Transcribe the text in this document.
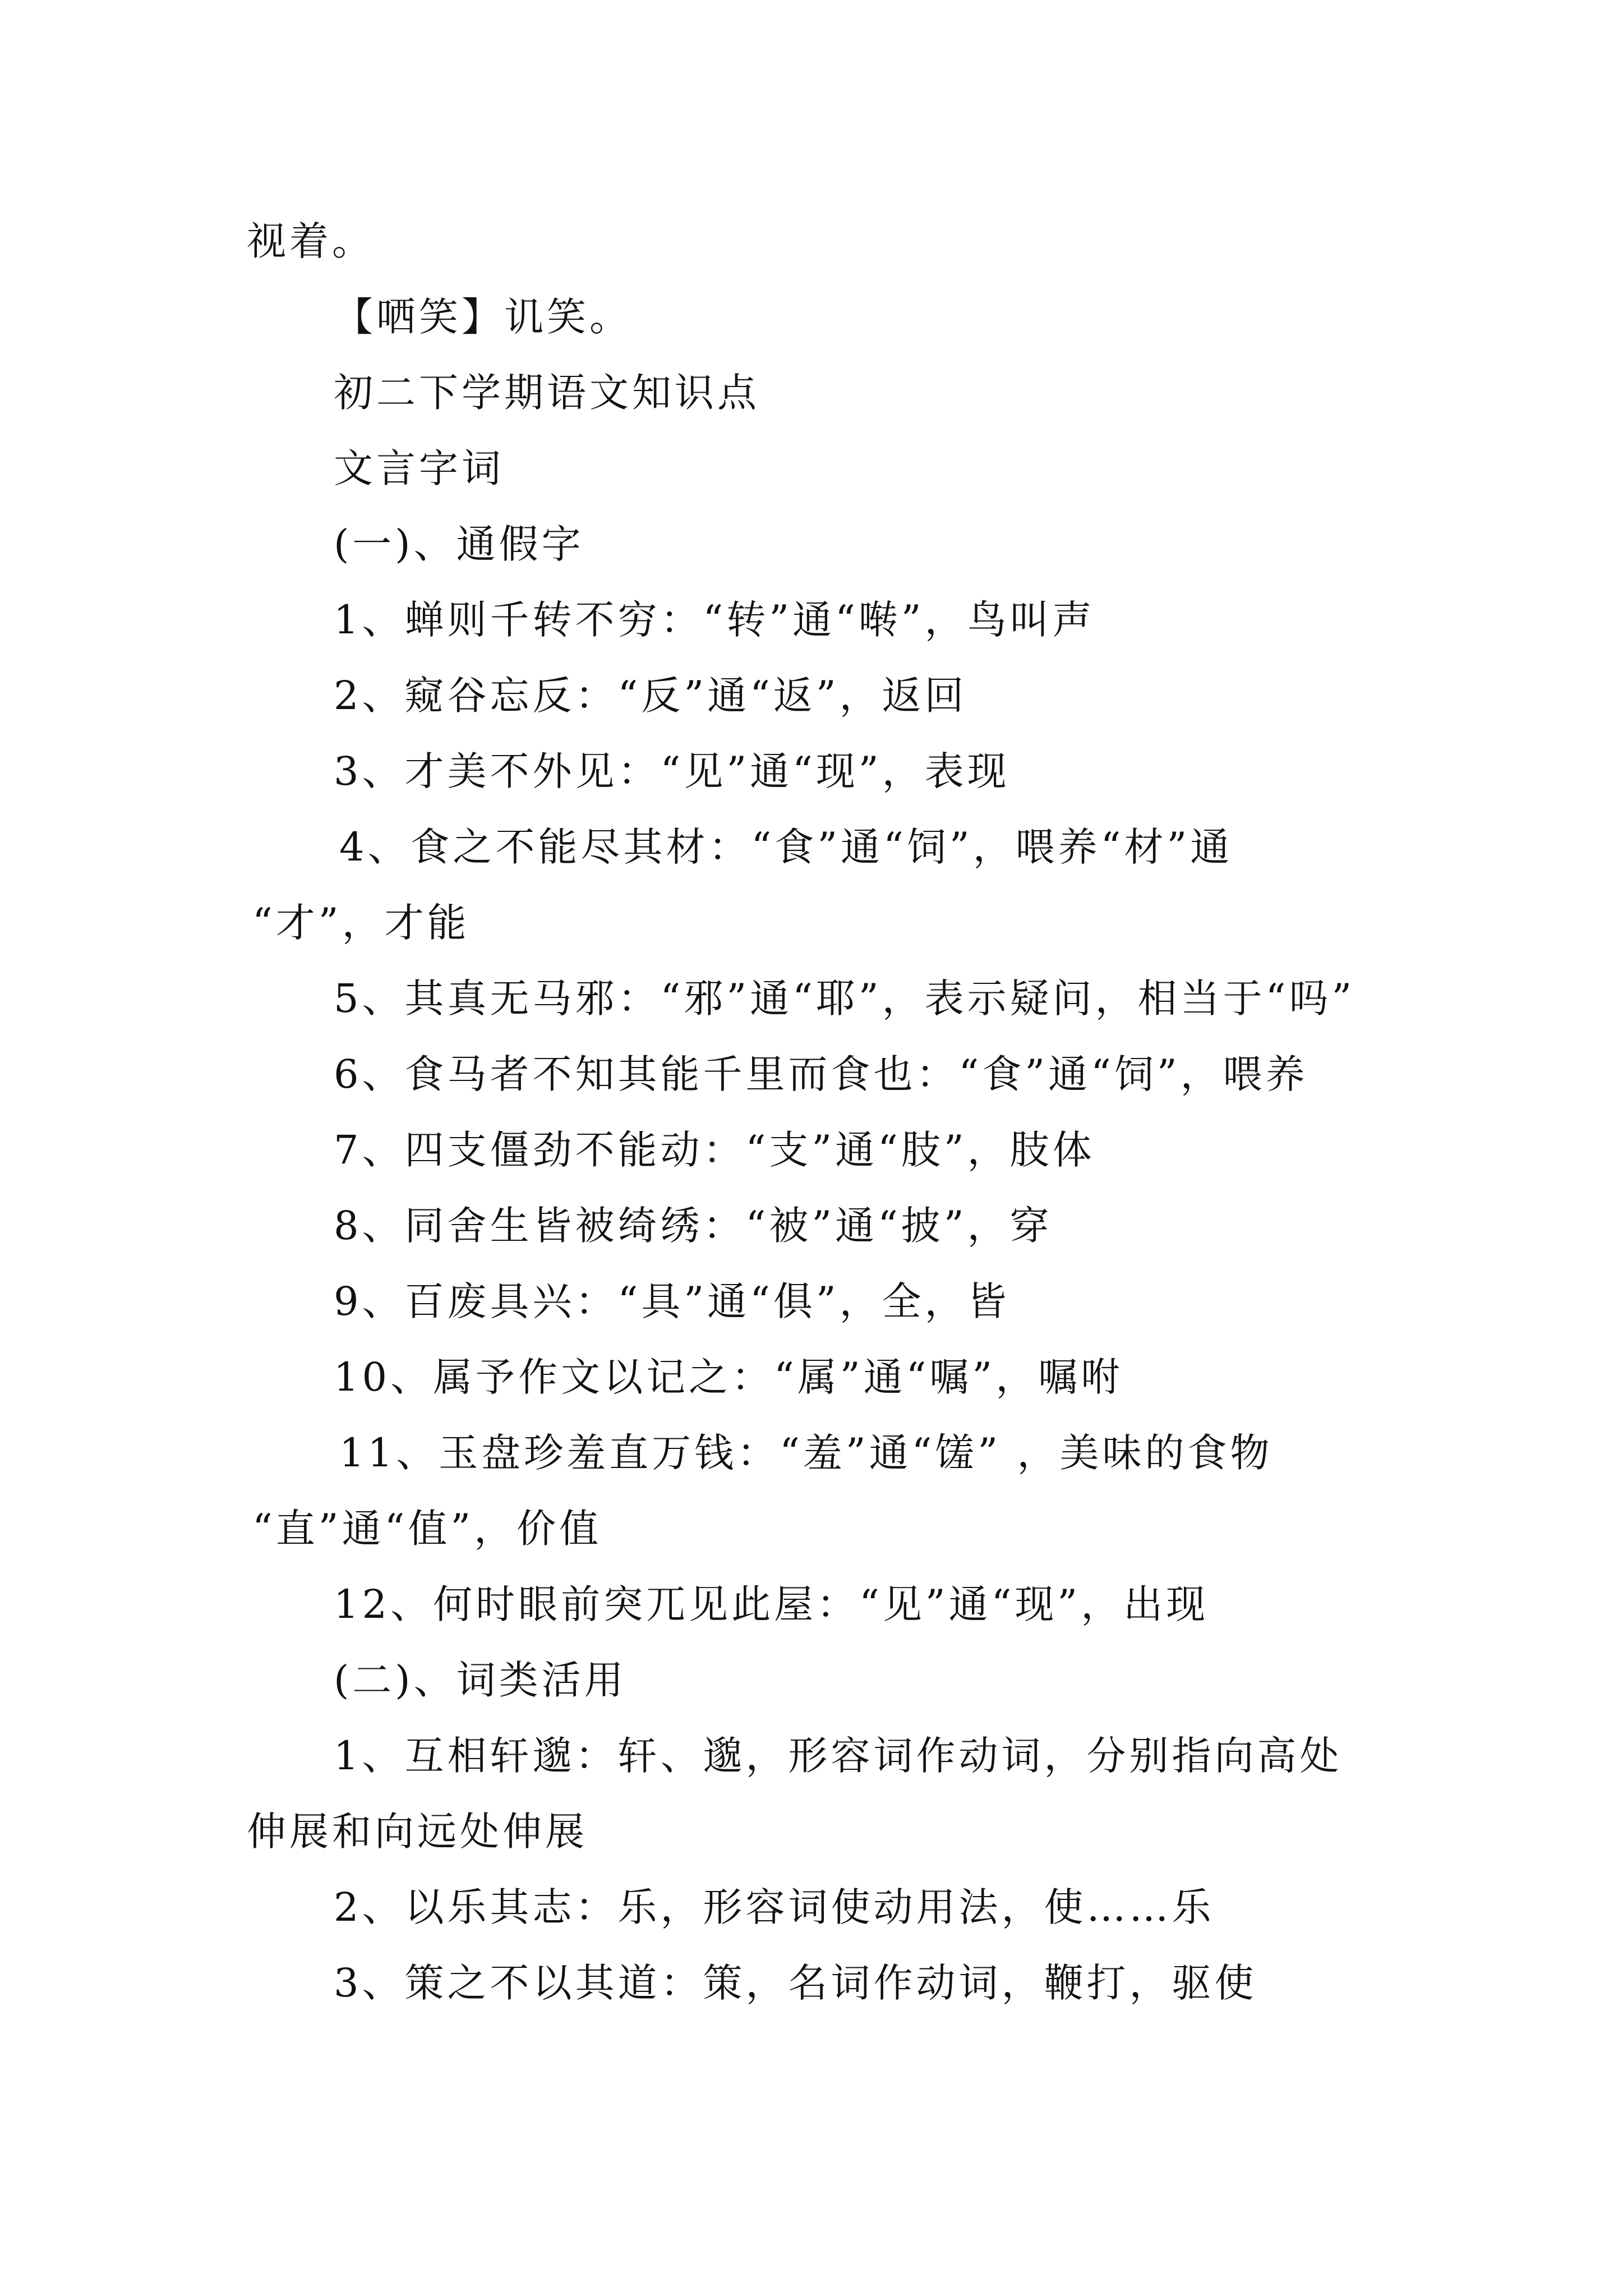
视着。
【哂笑】讥笑。
初二下学期语文知识点
文言字词
(一)、通假字
1、蝉则千转不穷：“转”通“啭”，鸟叫声
2、窥谷忘反：“反”通“返”，返回
3、才美不外见：“见”通“现”，表现
4、食之不能尽其材：“食”通“饲”，喂养“材”通
“才”，才能
5、其真无马邪：“邪”通“耶”，表示疑问，相当于“吗”
6、食马者不知其能千里而食也：“食”通“饲”，喂养
7、四支僵劲不能动：“支”通“肢”，肢体
8、同舍生皆被绮绣：“被”通“披”，穿
9、百废具兴：“具”通“俱”，全，皆
10、属予作文以记之：“属”通“嘱”，嘱咐
11、玉盘珍羞直万钱：“羞”通“馐” ，美味的食物
“直”通“值”，价值
12、何时眼前突兀见此屋：“见”通“现”，出现
(二)、词类活用
1、互相轩邈：轩、邈，形容词作动词，分别指向高处
伸展和向远处伸展
2、以乐其志：乐，形容词使动用法，使……乐
3、策之不以其道：策，名词作动词，鞭打，驱使
